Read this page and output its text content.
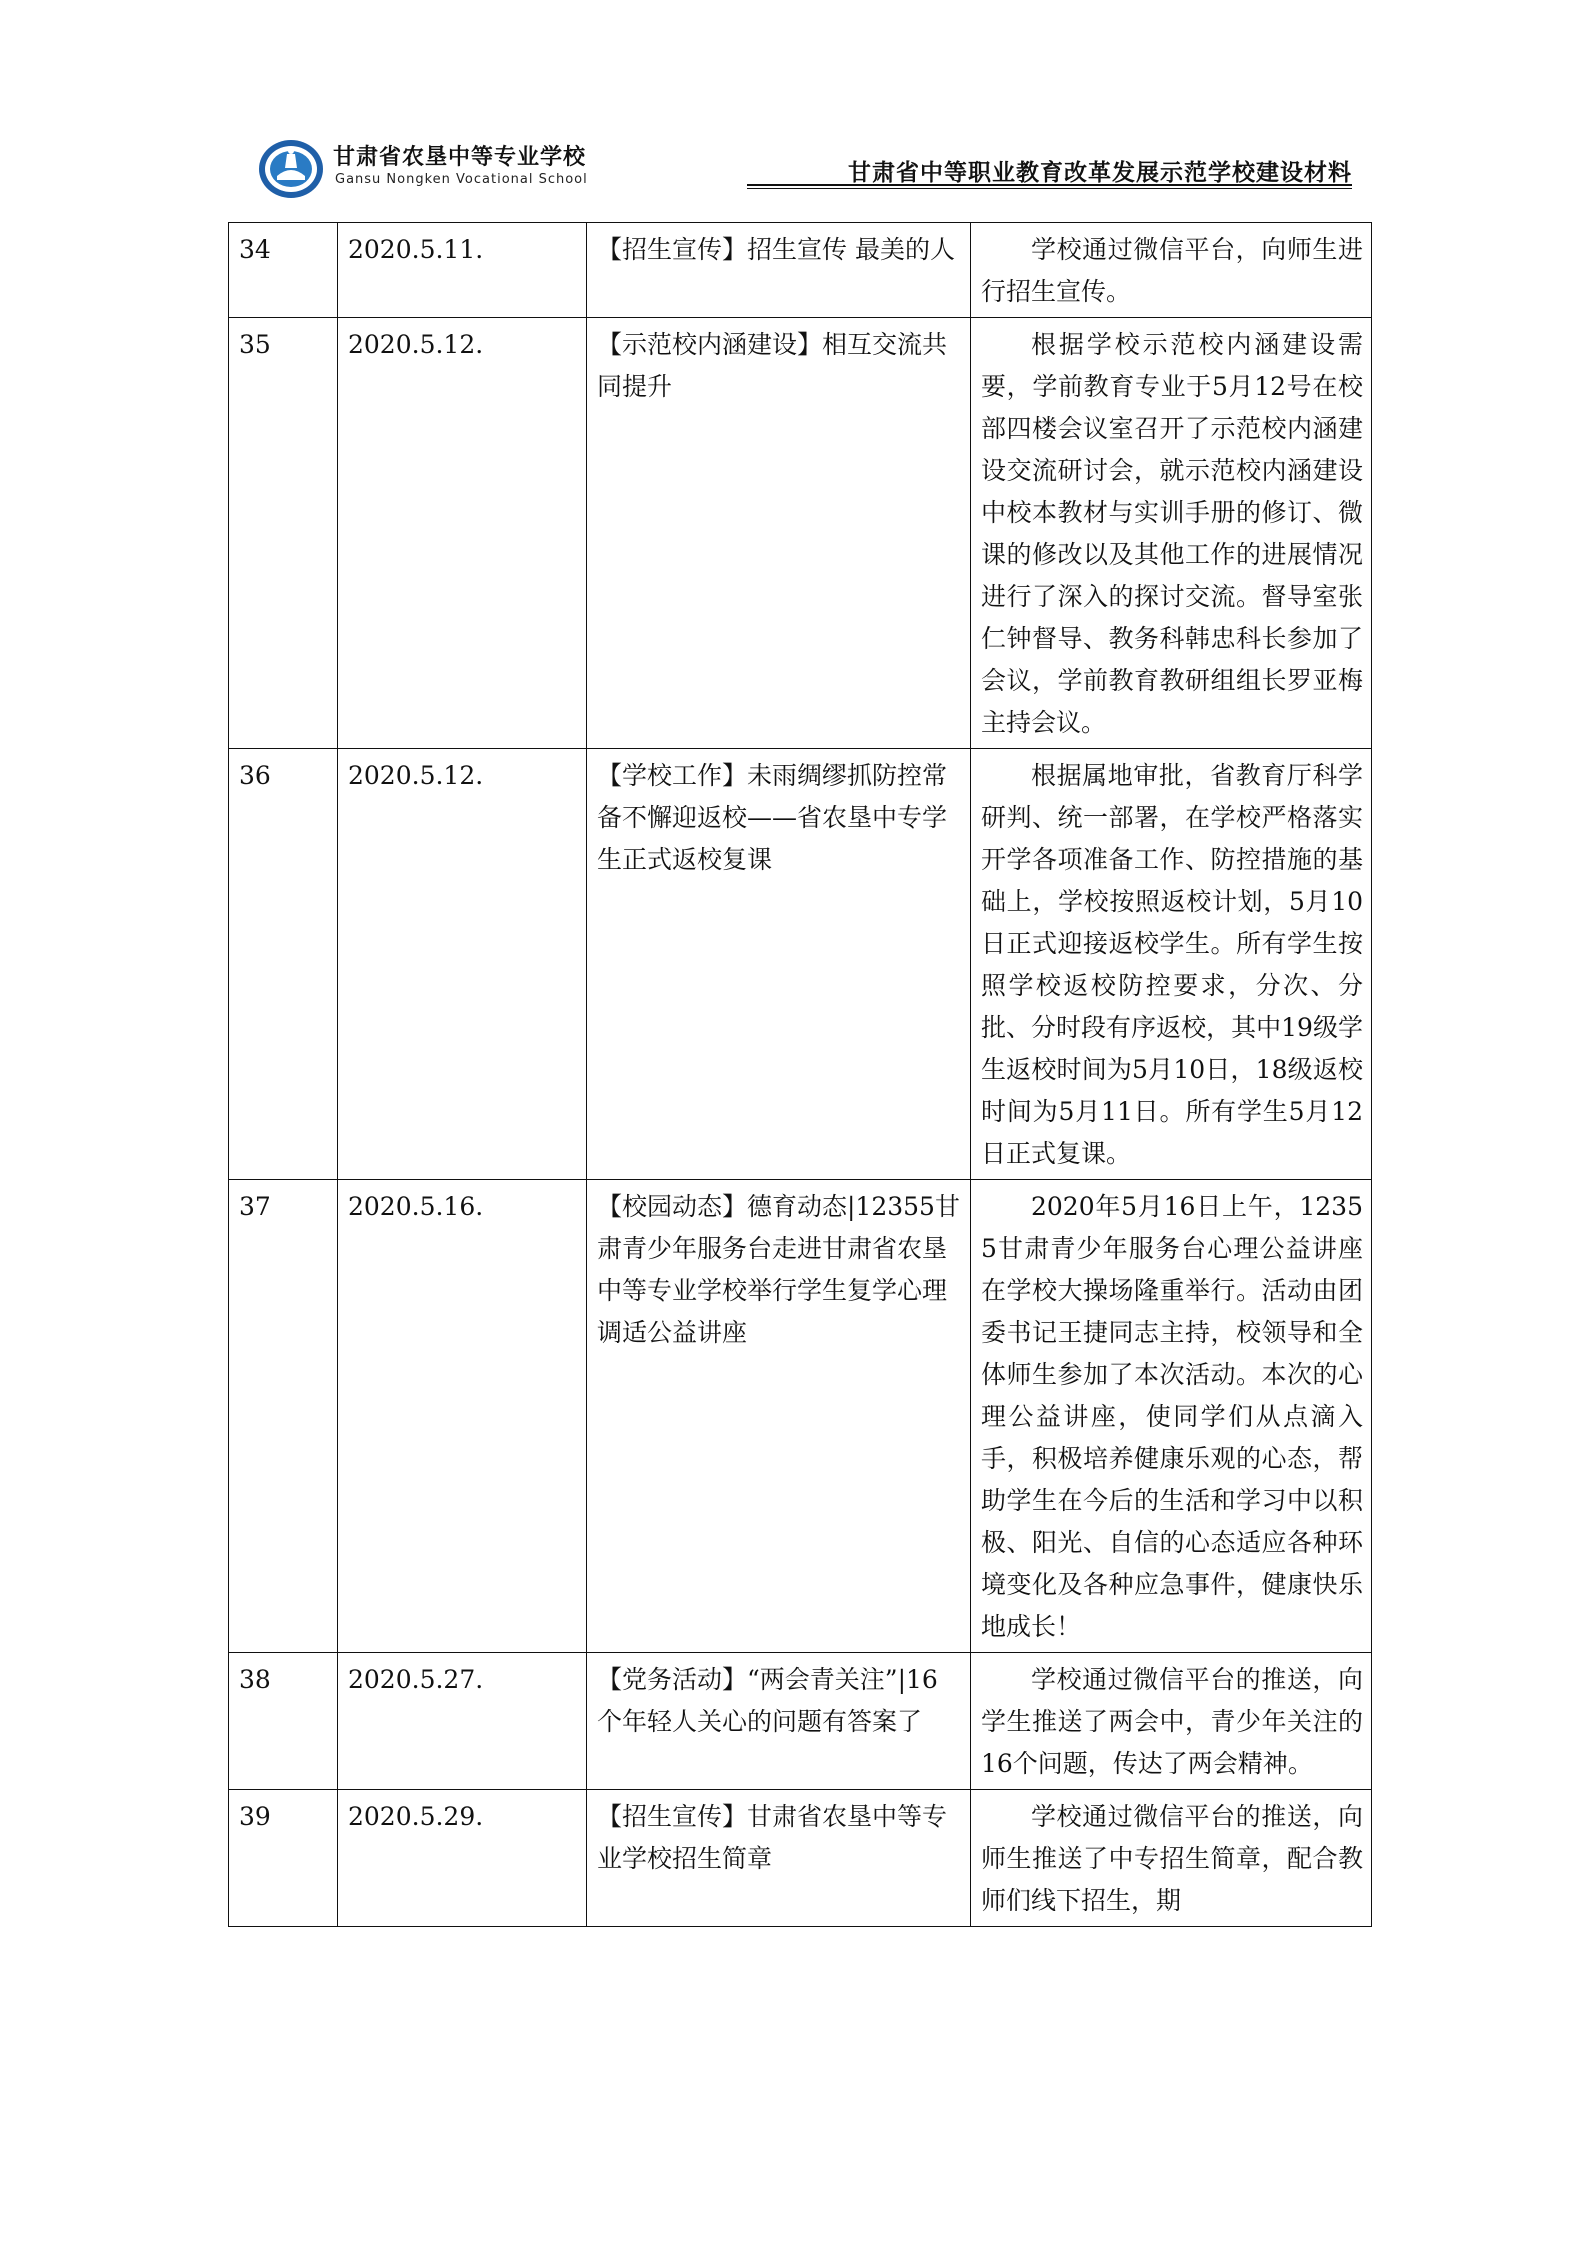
甘肃省农垦中等专业学校
Gansu Nongken Vocational School	甘肃省中等职业教育改革发展示范学校建设材料
34	2020.5.11.	【招生宣传】招生宣传 最美的人	学校通过微信平台，向师生进行招生宣传。
35	2020.5.12.	【示范校内涵建设】相互交流共同提升	根据学校示范校内涵建设需要，学前教育专业于5月12号在校部四楼会议室召开了示范校内涵建设交流研讨会，就示范校内涵建设中校本教材与实训手册的修订、微课的修改以及其他工作的进展情况进行了深入的探讨交流。督导室张仁钟督导、教务科韩忠科长参加了会议，学前教育教研组组长罗亚梅主持会议。
36	2020.5.12.	【学校工作】未雨绸缪抓防控常备不懈迎返校——省农垦中专学生正式返校复课	根据属地审批，省教育厅科学研判、统一部署，在学校严格落实开学各项准备工作、防控措施的基础上，学校按照返校计划，5月10日正式迎接返校学生。所有学生按照学校返校防控要求，分次、分批、分时段有序返校，其中19级学生返校时间为5月10日，18级返校时间为5月11日。所有学生5月12日正式复课。
37	2020.5.16.	【校园动态】德育动态|12355甘肃青少年服务台走进甘肃省农垦中等专业学校举行学生复学心理调适公益讲座	2020年5月16日上午，12355甘肃青少年服务台心理公益讲座在学校大操场隆重举行。活动由团委书记王捷同志主持，校领导和全体师生参加了本次活动。本次的心理公益讲座，使同学们从点滴入手，积极培养健康乐观的心态，帮助学生在今后的生活和学习中以积极、阳光、自信的心态适应各种环境变化及各种应急事件，健康快乐地成长！
38	2020.5.27.	【党务活动】“两会青关注”|16个年轻人关心的问题有答案了	学校通过微信平台的推送，向学生推送了两会中，青少年关注的16个问题，传达了两会精神。
39	2020.5.29.	【招生宣传】甘肃省农垦中等专业学校招生简章	学校通过微信平台的推送，向师生推送了中专招生简章，配合教师们线下招生，期
